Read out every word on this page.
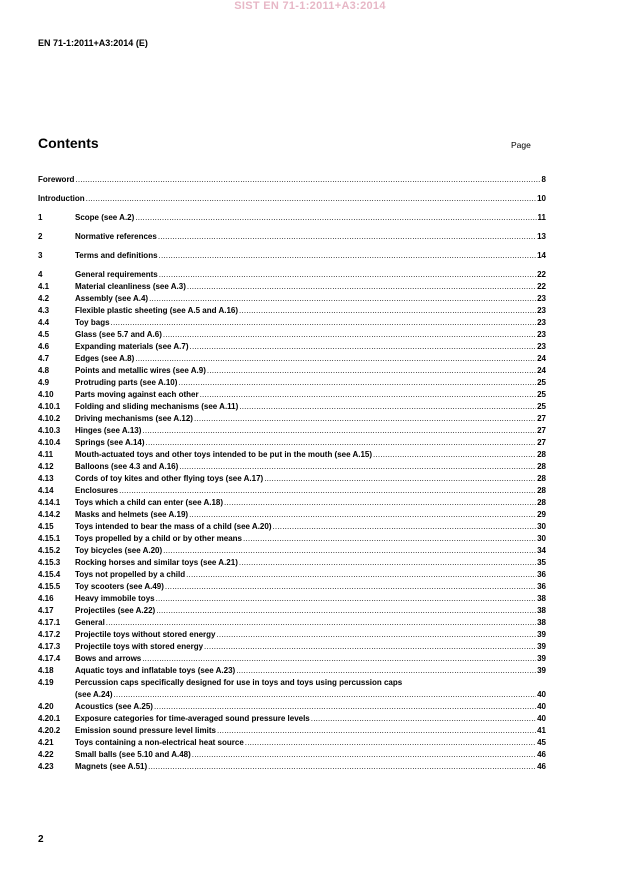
SIST EN 71-1:2011+A3:2014
EN 71-1:2011+A3:2014 (E)
Contents	Page
Foreword .....	8
Introduction .....	10
1	Scope (see A.2) .....	11
2	Normative references .....	13
3	Terms and definitions .....	14
4	General requirements .....	22
4.1	Material cleanliness (see A.3) .....	22
4.2	Assembly (see A.4) .....	23
4.3	Flexible plastic sheeting (see A.5 and A.16) .....	23
4.4	Toy bags .....	23
4.5	Glass (see 5.7 and A.6) .....	23
4.6	Expanding materials (see A.7) .....	23
4.7	Edges (see A.8) .....	24
4.8	Points and metallic wires (see A.9) .....	24
4.9	Protruding parts (see A.10) .....	25
4.10	Parts moving against each other .....	25
4.10.1	Folding and sliding mechanisms (see A.11) .....	25
4.10.2	Driving mechanisms (see A.12) .....	27
4.10.3	Hinges (see A.13) .....	27
4.10.4	Springs (see A.14) .....	27
4.11	Mouth-actuated toys and other toys intended to be put in the mouth (see A.15) .....	28
4.12	Balloons (see 4.3 and A.16) .....	28
4.13	Cords of toy kites and other flying toys (see A.17) .....	28
4.14	Enclosures .....	28
4.14.1	Toys which a child can enter (see A.18) .....	28
4.14.2	Masks and helmets (see A.19) .....	29
4.15	Toys intended to bear the mass of a child (see A.20) .....	30
4.15.1	Toys propelled by a child or by other means .....	30
4.15.2	Toy bicycles (see A.20) .....	34
4.15.3	Rocking horses and similar toys (see A.21) .....	35
4.15.4	Toys not propelled by a child .....	36
4.15.5	Toy scooters (see A.49) .....	36
4.16	Heavy immobile toys .....	38
4.17	Projectiles (see A.22) .....	38
4.17.1	General .....	38
4.17.2	Projectile toys without stored energy .....	39
4.17.3	Projectile toys with stored energy .....	39
4.17.4	Bows and arrows .....	39
4.18	Aquatic toys and inflatable toys (see A.23) .....	39
4.19	Percussion caps specifically designed for use in toys and toys using percussion caps
(see A.24) .....	40
4.20	Acoustics (see A.25) .....	40
4.20.1	Exposure categories for time-averaged sound pressure levels .....	40
4.20.2	Emission sound pressure level limits .....	41
4.21	Toys containing a non-electrical heat source .....	45
4.22	Small balls (see 5.10 and A.48) .....	46
4.23	Magnets (see A.51) .....	46
2
